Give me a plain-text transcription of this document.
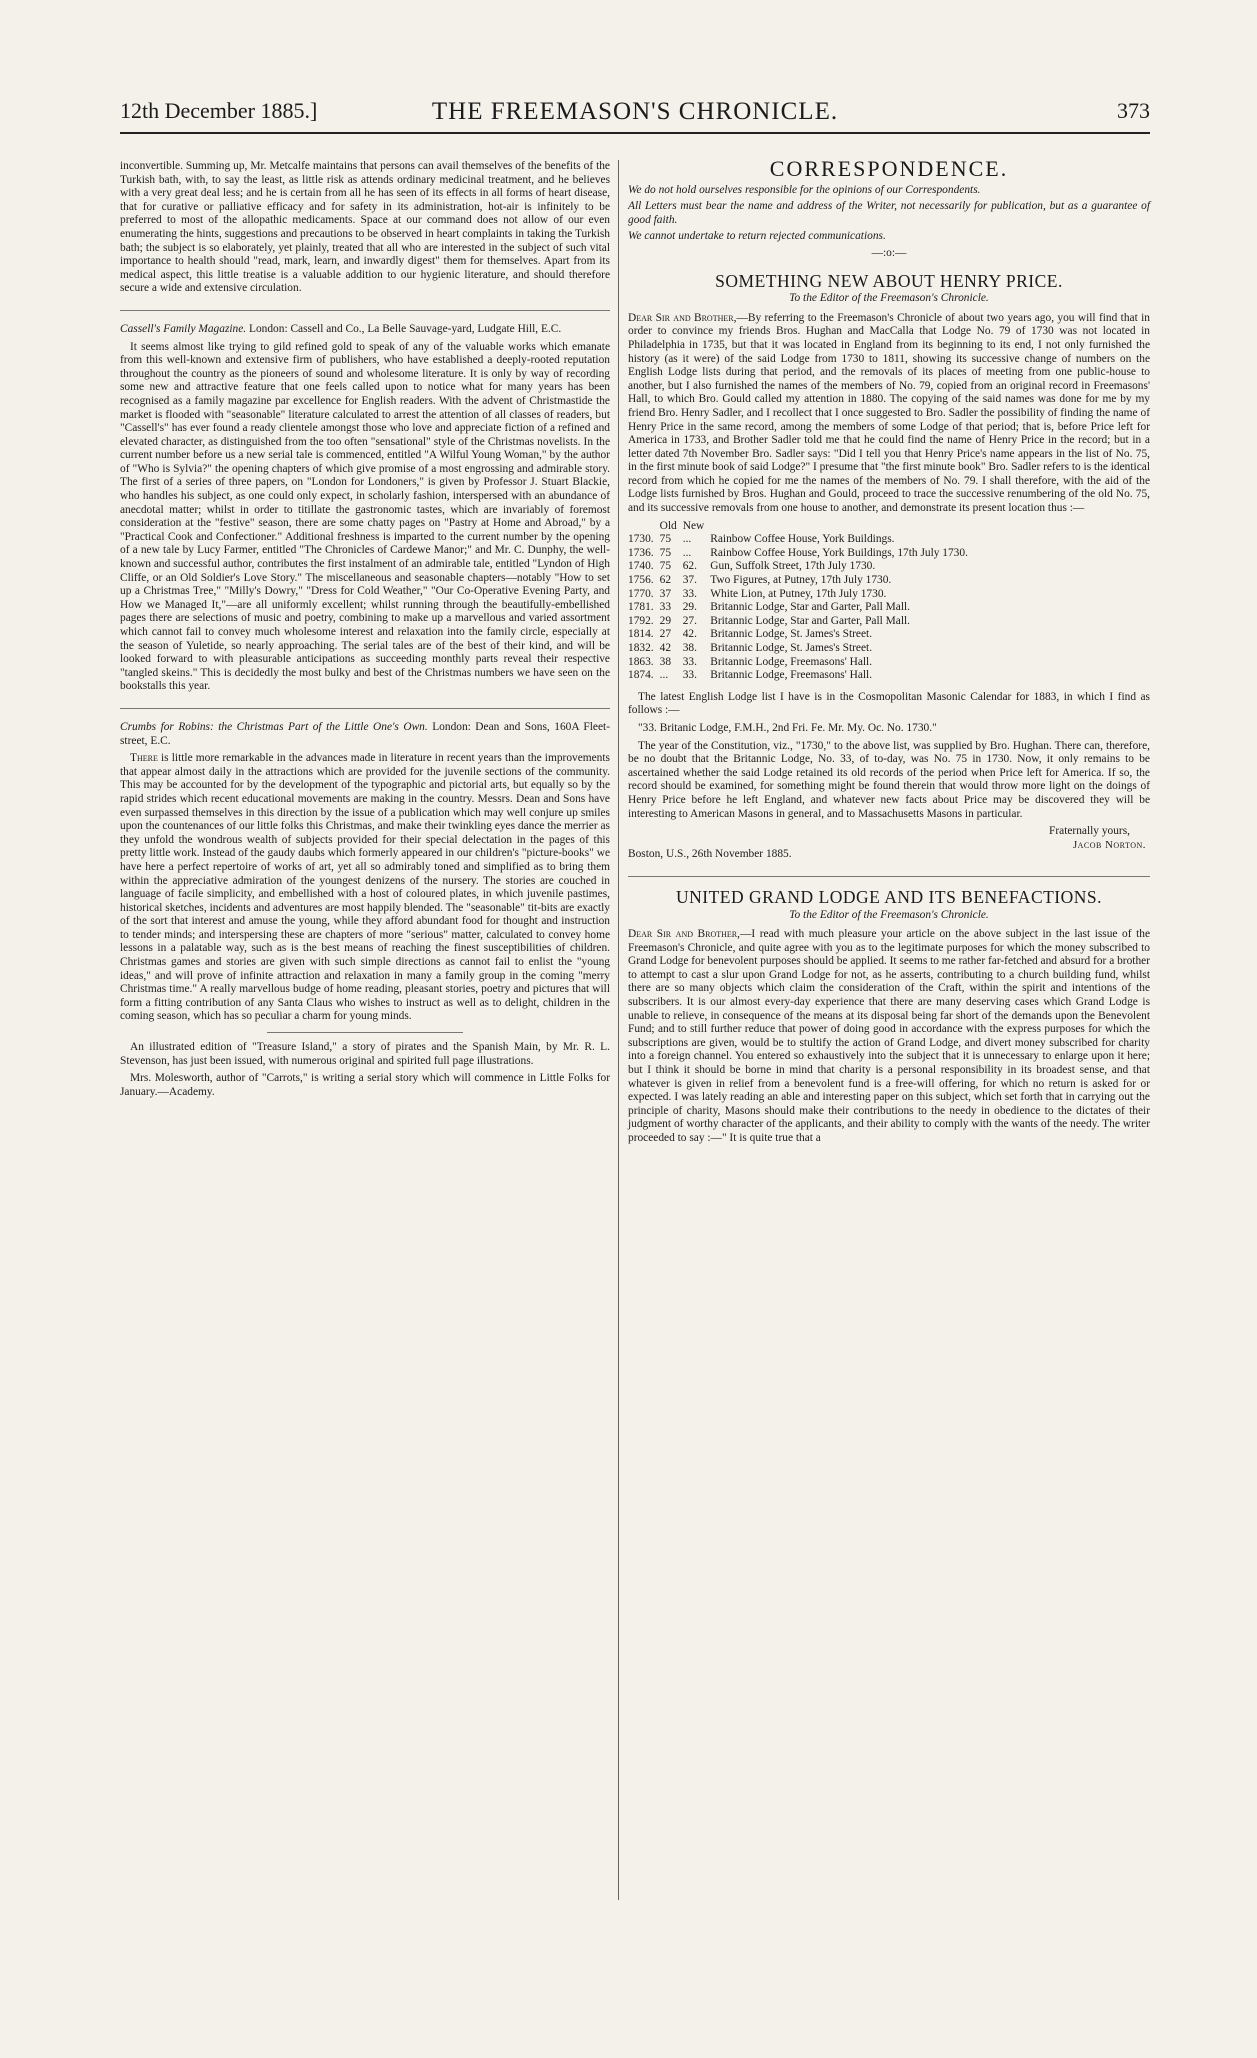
12th December 1885.]	THE FREEMASON'S CHRONICLE.	373

inconvertible. Summing up, Mr. Metcalfe maintains that persons can avail themselves of the benefits of the Turkish bath, with, to say the least, as little risk as attends ordinary medicinal treatment, and he believes with a very great deal less; and he is certain from all he has seen of its effects in all forms of heart disease, that for curative or palliative efficacy and for safety in its administration, hot-air is infinitely to be preferred to most of the allopathic medicaments. Space at our command does not allow of our even enumerating the hints, suggestions and precautions to be observed in heart complaints in taking the Turkish bath; the subject is so elaborately, yet plainly, treated that all who are interested in the subject of such vital importance to health should "read, mark, learn, and inwardly digest" them for themselves. Apart from its medical aspect, this little treatise is a valuable addition to our hygienic literature, and should therefore secure a wide and extensive circulation.

Cassell's Family Magazine. London: Cassell and Co., La Belle Sauvage-yard, Ludgate Hill, E.C.

It seems almost like trying to gild refined gold to speak of any of the valuable works which emanate from this well-known and extensive firm of publishers, who have established a deeply-rooted reputation throughout the country as the pioneers of sound and wholesome literature. It is only by way of recording some new and attractive feature that one feels called upon to notice what for many years has been recognised as a family magazine par excellence for English readers. With the advent of Christmastide the market is flooded with "seasonable" literature calculated to arrest the attention of all classes of readers, but "Cassell's" has ever found a ready clientele amongst those who love and appreciate fiction of a refined and elevated character, as distinguished from the too often "sensational" style of the Christmas novelists. In the current number before us a new serial tale is commenced, entitled "A Wilful Young Woman," by the author of "Who is Sylvia?" the opening chapters of which give promise of a most engrossing and admirable story. The first of a series of three papers, on "London for Londoners," is given by Professor J. Stuart Blackie, who handles his subject, as one could only expect, in scholarly fashion, interspersed with an abundance of anecdotal matter; whilst in order to titillate the gastronomic tastes, which are invariably of foremost consideration at the "festive" season, there are some chatty pages on "Pastry at Home and Abroad," by a "Practical Cook and Confectioner." Additional freshness is imparted to the current number by the opening of a new tale by Lucy Farmer, entitled "The Chronicles of Cardewe Manor;" and Mr. C. Dunphy, the well-known and successful author, contributes the first instalment of an admirable tale, entitled "Lyndon of High Cliffe, or an Old Soldier's Love Story." The miscellaneous and seasonable chapters—notably "How to set up a Christmas Tree," "Milly's Dowry," "Dress for Cold Weather," "Our Co-Operative Evening Party, and How we Managed It,"—are all uniformly excellent; whilst running through the beautifully-embellished pages there are selections of music and poetry, combining to make up a marvellous and varied assortment which cannot fail to convey much wholesome interest and relaxation into the family circle, especially at the season of Yuletide, so nearly approaching. The serial tales are of the best of their kind, and will be looked forward to with pleasurable anticipations as succeeding monthly parts reveal their respective "tangled skeins." This is decidedly the most bulky and best of the Christmas numbers we have seen on the bookstalls this year.

Crumbs for Robins: the Christmas Part of the Little One's Own. London: Dean and Sons, 160A Fleet-street, E.C.

There is little more remarkable in the advances made in literature in recent years than the improvements that appear almost daily in the attractions which are provided for the juvenile sections of the community. This may be accounted for by the development of the typographic and pictorial arts, but equally so by the rapid strides which recent educational movements are making in the country. Messrs. Dean and Sons have even surpassed themselves in this direction by the issue of a publication which may well conjure up smiles upon the countenances of our little folks this Christmas, and make their twinkling eyes dance the merrier as they unfold the wondrous wealth of subjects provided for their special delectation in the pages of this pretty little work. Instead of the gaudy daubs which formerly appeared in our children's "picture-books" we have here a perfect repertoire of works of art, yet all so admirably toned and simplified as to bring them within the appreciative admiration of the youngest denizens of the nursery. The stories are couched in language of facile simplicity, and embellished with a host of coloured plates, in which juvenile pastimes, historical sketches, incidents and adventures are most happily blended. The "seasonable" tit-bits are exactly of the sort that interest and amuse the young, while they afford abundant food for thought and instruction to tender minds; and interspersing these are chapters of more "serious" matter, calculated to convey home lessons in a palatable way, such as is the best means of reaching the finest susceptibilities of children. Christmas games and stories are given with such simple directions as cannot fail to enlist the "young ideas," and will prove of infinite attraction and relaxation in many a family group in the coming "merry Christmas time." A really marvellous budge of home reading, pleasant stories, poetry and pictures that will form a fitting contribution of any Santa Claus who wishes to instruct as well as to delight, children in the coming season, which has so peculiar a charm for young minds.

An illustrated edition of "Treasure Island," a story of pirates and the Spanish Main, by Mr. R. L. Stevenson, has just been issued, with numerous original and spirited full page illustrations.

Mrs. Molesworth, author of "Carrots," is writing a serial story which will commence in Little Folks for January.—Academy.

CORRESPONDENCE.

We do not hold ourselves responsible for the opinions of our Correspondents.

All Letters must bear the name and address of the Writer, not necessarily for publication, but as a guarantee of good faith.

We cannot undertake to return rejected communications.

—:o:—

SOMETHING NEW ABOUT HENRY PRICE.
To the Editor of the Freemason's Chronicle.

Dear Sir and Brother,—By referring to the Freemason's Chronicle of about two years ago, you will find that in order to convince my friends Bros. Hughan and MacCalla that Lodge No. 79 of 1730 was not located in Philadelphia in 1735, but that it was located in England from its beginning to its end, I not only furnished the history (as it were) of the said Lodge from 1730 to 1811, showing its successive change of numbers on the English Lodge lists during that period, and the removals of its places of meeting from one public-house to another, but I also furnished the names of the members of No. 79, copied from an original record in Freemasons' Hall, to which Bro. Gould called my attention in 1880. The copying of the said names was done for me by my friend Bro. Henry Sadler, and I recollect that I once suggested to Bro. Sadler the possibility of finding the name of Henry Price in the same record, among the members of some Lodge of that period; that is, before Price left for America in 1733, and Brother Sadler told me that he could find the name of Henry Price in the record; but in a letter dated 7th November Bro. Sadler says: "Did I tell you that Henry Price's name appears in the list of No. 75, in the first minute book of said Lodge?" I presume that "the first minute book" Bro. Sadler refers to is the identical record from which he copied for me the names of the members of No. 79. I shall therefore, with the aid of the Lodge lists furnished by Bros. Hughan and Gould, proceed to trace the successive renumbering of the old No. 75, and its successive removals from one house to another, and demonstrate its present location thus :—

	Old	New	
1730.	75	...	Rainbow Coffee House, York Buildings.
1736.	75	...	Rainbow Coffee House, York Buildings, 17th July 1730.
1740.	75	62.	Gun, Suffolk Street, 17th July 1730.
1756.	62	37.	Two Figures, at Putney, 17th July 1730.
1770.	37	33.	White Lion, at Putney, 17th July 1730.
1781.	33	29.	Britannic Lodge, Star and Garter, Pall Mall.
1792.	29	27.	Britannic Lodge, Star and Garter, Pall Mall.
1814.	27	42.	Britannic Lodge, St. James's Street.
1832.	42	38.	Britannic Lodge, St. James's Street.
1863.	38	33.	Britannic Lodge, Freemasons' Hall.
1874.	...	33.	Britannic Lodge, Freemasons' Hall.

The latest English Lodge list I have is in the Cosmopolitan Masonic Calendar for 1883, in which I find as follows :—

"33. Britanic Lodge, F.M.H., 2nd Fri. Fe. Mr. My. Oc. No. 1730."

The year of the Constitution, viz., "1730," to the above list, was supplied by Bro. Hughan. There can, therefore, be no doubt that the Britannic Lodge, No. 33, of to-day, was No. 75 in 1730. Now, it only remains to be ascertained whether the said Lodge retained its old records of the period when Price left for America. If so, the record should be examined, for something might be found therein that would throw more light on the doings of Henry Price before he left England, and whatever new facts about Price may be discovered they will be interesting to American Masons in general, and to Massachusetts Masons in particular.

Fraternally yours,

Jacob Norton.

Boston, U.S., 26th November 1885.

UNITED GRAND LODGE AND ITS BENEFACTIONS.
To the Editor of the Freemason's Chronicle.

Dear Sir and Brother,—I read with much pleasure your article on the above subject in the last issue of the Freemason's Chronicle, and quite agree with you as to the legitimate purposes for which the money subscribed to Grand Lodge for benevolent purposes should be applied. It seems to me rather far-fetched and absurd for a brother to attempt to cast a slur upon Grand Lodge for not, as he asserts, contributing to a church building fund, whilst there are so many objects which claim the consideration of the Craft, within the spirit and intentions of the subscribers. It is our almost every-day experience that there are many deserving cases which Grand Lodge is unable to relieve, in consequence of the means at its disposal being far short of the demands upon the Benevolent Fund; and to still further reduce that power of doing good in accordance with the express purposes for which the subscriptions are given, would be to stultify the action of Grand Lodge, and divert money subscribed for charity into a foreign channel. You entered so exhaustively into the subject that it is unnecessary to enlarge upon it here; but I think it should be borne in mind that charity is a personal responsibility in its broadest sense, and that whatever is given in relief from a benevolent fund is a free-will offering, for which no return is asked for or expected. I was lately reading an able and interesting paper on this subject, which set forth that in carrying out the principle of charity, Masons should make their contributions to the needy in obedience to the dictates of their judgment of worthy character of the applicants, and their ability to comply with the wants of the needy. The writer proceeded to say :—" It is quite true that a
